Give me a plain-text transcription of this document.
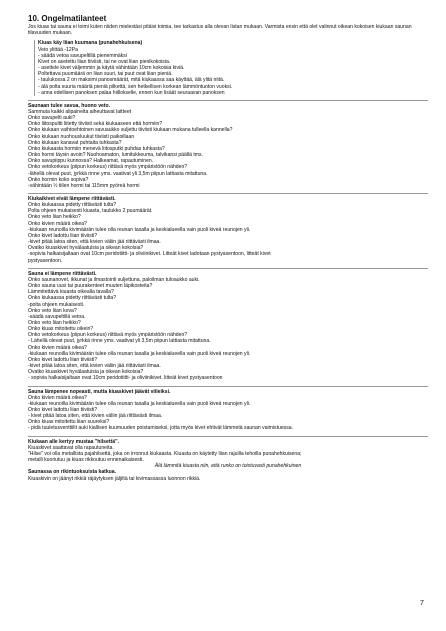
10. Ongelmatilanteet
Jos kiuas tai sauna ei toimi kuten niiden mielestäsi pitäisi toimia, tee tarkastus alla olevan listan mukaan. Varmista ensin että olet valinnut oikean kokoisen kiukaan saunan tilavuuden mukaan.
Kiuas käy liian kuumana (punahehkuisena)
Veto ylittää -12Pa
- säädä vetoa savupeltillä pienemmäksi
Kivet on asetettu liian tiiviisti, tai ne ovat liian pienikokoisia.
- asettele kivet väljemmin ja käytä vähintään 10cm kokoisia kiviä.
Poltettava puumäärä on liian suuri, tai puut ovat liian pieniä.
- taulukossa 2 on maksimi panosmäärät, mitä kiukaassa saa käyttää, älä ylitä niitä.
- älä polta suuria määriä pieniä pilkettä, sen hetkellisen korkean lämmöntuoton vuoksi.
- anna edellisen panoksen palaa hiillokselle, ennen kun lisäät seuraavan panoksen
Saunaan tulee savua, huono veto.
Sammuta kaikki alipaineita aiheuttavat laitteet
Onko savupelti auki?
Onko liitospultti liitetty tiiviisti sekä kiukaaseen että hormiin?
Onko kiukaan vaihtoehtoinen savuaukko suljettu tiiviisti kiukaan mukana tulleella kannella?
Onko kiukaan nuohousluukut tiiviisti paikoillaan
Onko kiukaan kanavat puhtaita tuhkasta?
Onko kiukaasta hormiin menevä liitosputki puhdas tuhkasta?
Onko hormi täysin avoin? Nuohoamaton, lumitukkeuma, talvikansi päällä tms.
Onko savupiippu kunnossa? Halkeamat, rapautuminen.
Onko vetokorkeus (piipun korkeus) riittävä myös ympäristöön nähden?
-lähellä olevat puut, jyrkkä rinne yms. vaativat yli 3,5m piipun lattiasta mitattuna.
Onko hormin koko sopiva?
-vähintään ½ tiilen hormi tai 115mm pyöreä hormi
Kiukaikivet eivät lämpene riittävästi.
Onko kiukaassa pidetty riittävästi tulta?
Polta ohjeen mukaisesti kiuasta, taulukko 2 puumäärät.
Onko veto liian heikko?
Onko kivien määrä oikea?
-kiukaan reunoilla kivimäärän tulee olla reunan tasalla ja keskialueella vain puoli kiveä reunojen yli.
Onko kivet ladottu liian tiiviisti?
-kivet pitää latoa siten, että kivien väliin jää riittävästi ilmaa.
Ovatko kiuaskivet hyvälaatuisia ja oikean kokoisia?
-sopivia halkaisijaltaan ovat 10cm peridotiitti- ja oliviinikivet. Litteät kivet ladotaan pystyasentoon, litteät kivet
pystyasentoon.
Sauna ei lämpene riittävästi.
Onko saunanovet, ikkunat ja ilmastointi suljettuna, paloilman tuloaukko auki.
Onko sauna uusi tai puurakenteet muuten läpikosteita?
Lämmitettävä kiuasta oikealla tavalla?
Onko kiukaassa pidetty riittävästi tulta?
-polta ohjeen mukaisesti.
Onko veto liian kova?
-säädä savupeltillä vetoa.
Onko veto liian heikko?
Onko kiuas mitoitettu oikein?
Onko vetokorkeus (piipun korkeus) riittävä myös ympäristöön nähden?
- Lähellä olevat puut, jyrkkä rinne yms. vaativat yli 3,5m piipun lattiasta mitattuna.
Onko kivien määrä oikea?
-kiukaan reunoilla kivimäärän tulee olla reunan tasalla ja keskialueella vain puoli kiveä reunojen yli.
Onko kivet ladottu liian tiiviisti?
-kivet pitää latoa siten, että kivien väliin jää riittävästi ilmaa.
Ovatko kiuaskivet hyvälaatuisia ja oikean kokoisia?
- sopivia halkaisijaltaan ovat 10cm peridotiitti- ja oliviinikivet. litteät kivet pystyasentoon
Sauna lämpenee nopeasti, mutta kiuaskivet jäävät viileiksi.
Onko kivien määrä oikea?
-kiukaan reunoilla kivimäärän tulee olla reunan tasalla ja keskialueella vain puoli kiveä reunojen yli.
Onko kivet ladottu liian tiiviisti?
- kivet pitää latoa siten, että kivien väliin jää riittävästi ilmaa.
Onko kiuas mitoitettu liian suureksi?
- pidä tuuletusventtiilit auki kiallisen kuumuuden poistamiseksi, jotta myös kivet ehtivät lämmetä saunan vaimistuessa.
Kiukaan alle kertyy mustaa "hilsettä".
Kiuaskivet saattavat olla rapautuneita.
"Hilse" voi olla metallista pajahilsettä, joka on irronnut kiukaasta. Kiuasta on käytetty liian rajuilla tehoilla punahehkuisena;
metalli kuoriutuu ja kiuas rikkoutuu ennenaikaisesti.
Älä lämmitä kiuasta niin, että runko on toistuvasti punahehkuinen
Saunassa on rikintuoksuista katkua.
Kiuaskivin on jäänyt rikkiä räjäytyksen jäljiltä tai kivimassassa luonnon rikkiä.
7
